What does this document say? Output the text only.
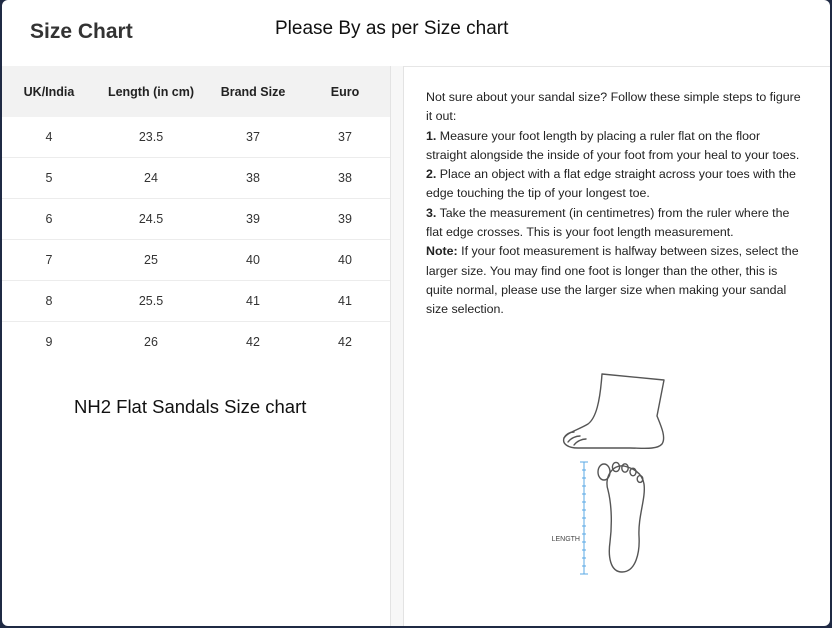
Size Chart	Please By as per Size chart
UK/India	Length (in cm)	Brand Size	Euro
4	23.5	37	37
5	24	38	38
6	24.5	39	39
7	25	40	40
8	25.5	41	41
9	26	42	42
NH2 Flat Sandals Size chart

Not sure about your sandal size? Follow these simple steps to figure it out:

1. Measure your foot length by placing a ruler flat on the floor straight alongside the inside of your foot from your heal to your toes.

2. Place an object with a flat edge straight across your toes with the edge touching the tip of your longest toe.

3. Take the measurement (in centimetres) from the ruler where the flat edge crosses. This is your foot length measurement.

Note: If your foot measurement is halfway between sizes, select the larger size. You may find one foot is longer than the other, this is quite normal, please use the larger size when making your sandal size selection.

LENGTH
